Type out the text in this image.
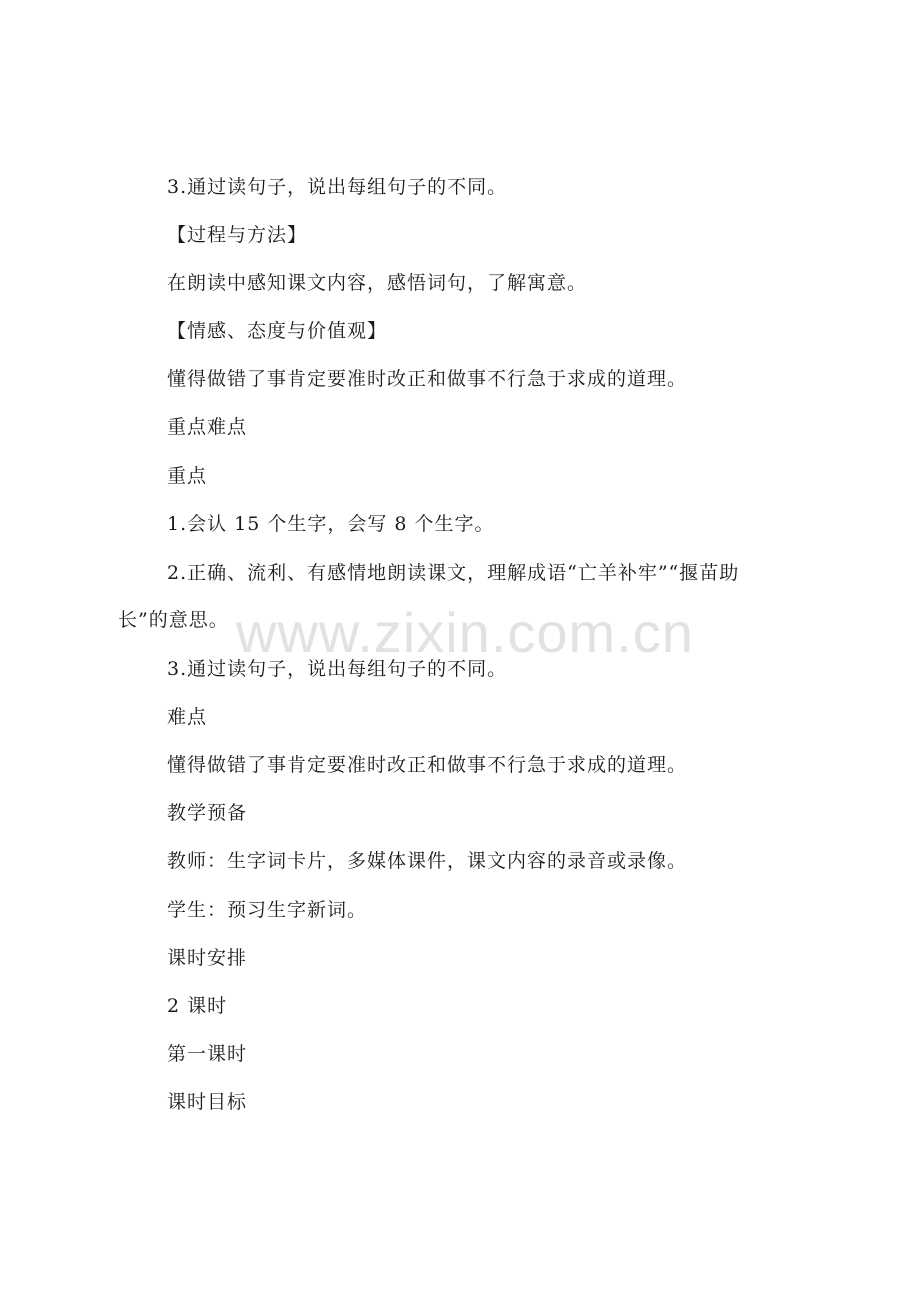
3.通过读句子，说出每组句子的不同。
【过程与方法】
在朗读中感知课文内容，感悟词句，了解寓意。
【情感、态度与价值观】
懂得做错了事肯定要准时改正和做事不行急于求成的道理。
重点难点
重点
1.会认 15 个生字，会写 8 个生字。
2.正确、流利、有感情地朗读课文，理解成语“亡羊补牢”“揠苗助
长”的意思。
3.通过读句子，说出每组句子的不同。
难点
懂得做错了事肯定要准时改正和做事不行急于求成的道理。
教学预备
教师：生字词卡片，多媒体课件，课文内容的录音或录像。
学生：预习生字新词。
课时安排
2 课时
第一课时
课时目标
www.zixin.com.cn
